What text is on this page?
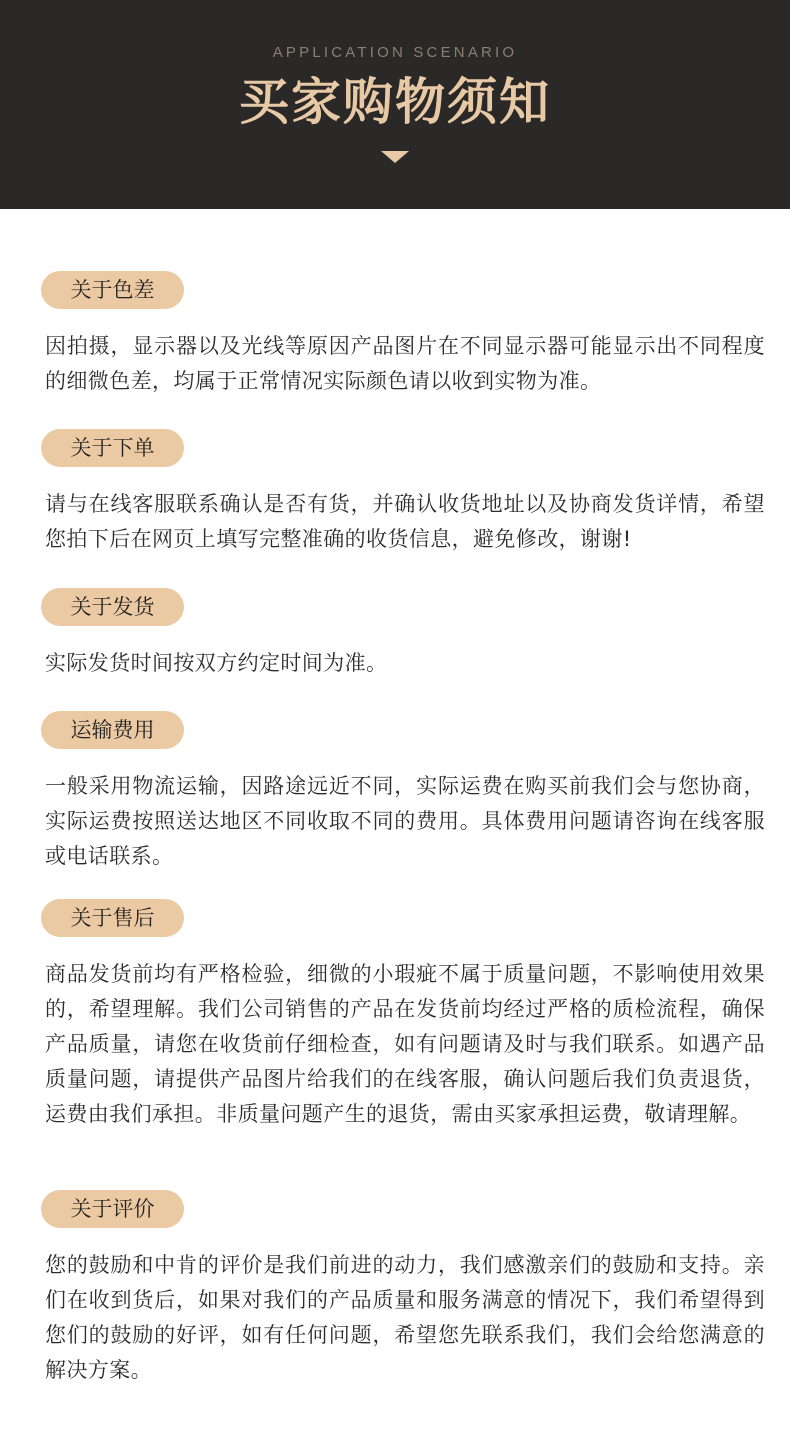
APPLICATION SCENARIO
买家购物须知
关于色差
因拍摄，显示器以及光线等原因产品图片在不同显示器可能显示出不同程度的细微色差，均属于正常情况实际颜色请以收到实物为准。
关于下单
请与在线客服联系确认是否有货，并确认收货地址以及协商发货详情，希望您拍下后在网页上填写完整准确的收货信息，避免修改，谢谢!
关于发货
实际发货时间按双方约定时间为准。
运输费用
一般采用物流运输，因路途远近不同，实际运费在购买前我们会与您协商，实际运费按照送达地区不同收取不同的费用。具体费用问题请咨询在线客服或电话联系。
关于售后
商品发货前均有严格检验，细微的小瑕疵不属于质量问题，不影响使用效果的，希望理解。我们公司销售的产品在发货前均经过严格的质检流程，确保产品质量，请您在收货前仔细检查，如有问题请及时与我们联系。如遇产品质量问题，请提供产品图片给我们的在线客服，确认问题后我们负责退货，运费由我们承担。非质量问题产生的退货，需由买家承担运费，敬请理解。
关于评价
您的鼓励和中肯的评价是我们前进的动力，我们感激亲们的鼓励和支持。亲们在收到货后，如果对我们的产品质量和服务满意的情况下，我们希望得到您们的鼓励的好评，如有任何问题，希望您先联系我们，我们会给您满意的解决方案。
